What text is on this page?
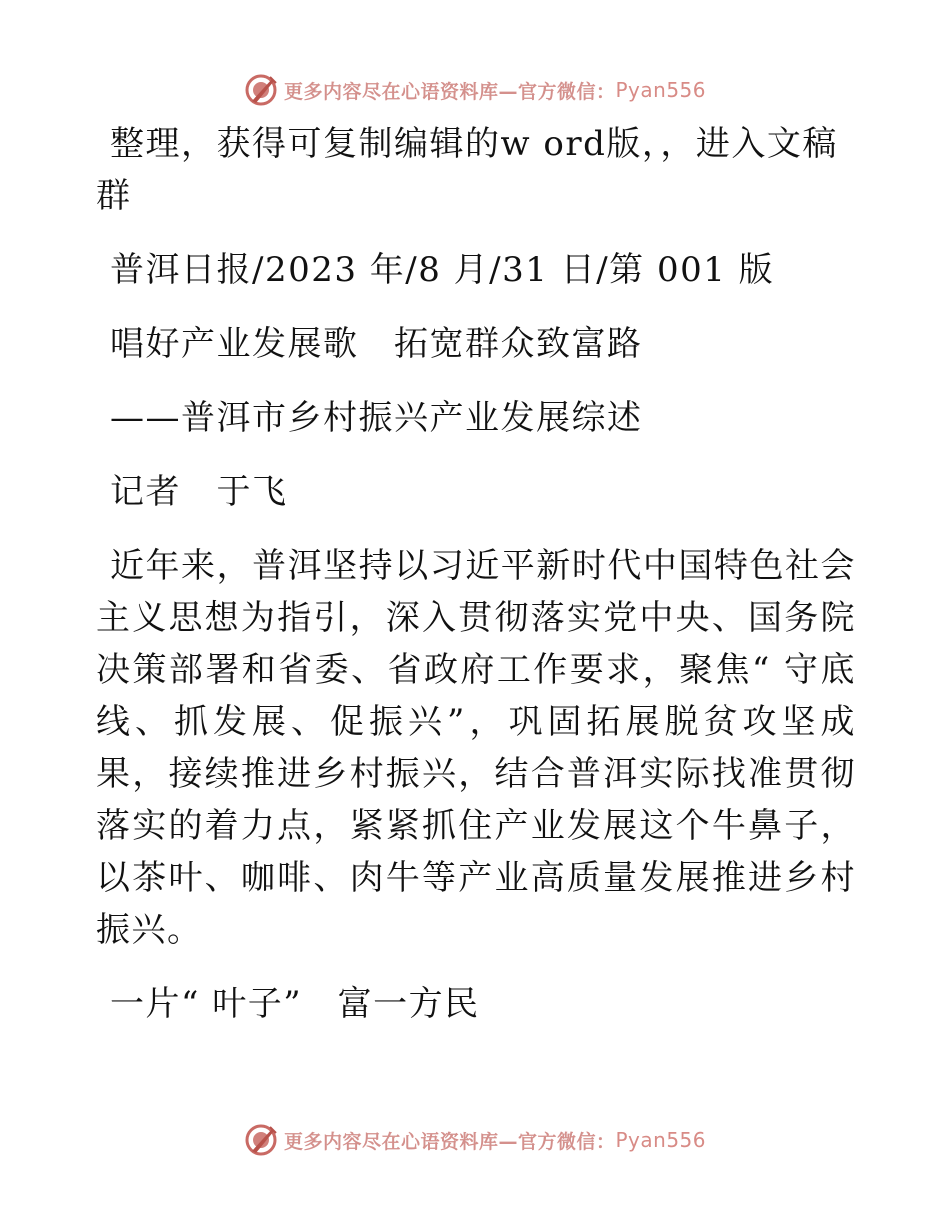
更多内容尽在心语资料库—官方微信： Pyan556

整理，获得可复制编辑的w ord版，，进入文稿群

普洱日报/2023 年/8 月/31 日/第 001 版

唱好产业发展歌　拓宽群众致富路

——普洱市乡村振兴产业发展综述

记者　于飞

近年来，普洱坚持以习近平新时代中国特色社会主义思想为指引，深入贯彻落实党中央、国务院决策部署和省委、省政府工作要求，聚焦“ 守底线、抓发展、促振兴”，巩固拓展脱贫攻坚成果，接续推进乡村振兴，结合普洱实际找准贯彻落实的着力点，紧紧抓住产业发展这个牛鼻子，以茶叶、咖啡、肉牛等产业高质量发展推进乡村振兴。

一片“ 叶子”　富一方民

更多内容尽在心语资料库—官方微信： Pyan556
